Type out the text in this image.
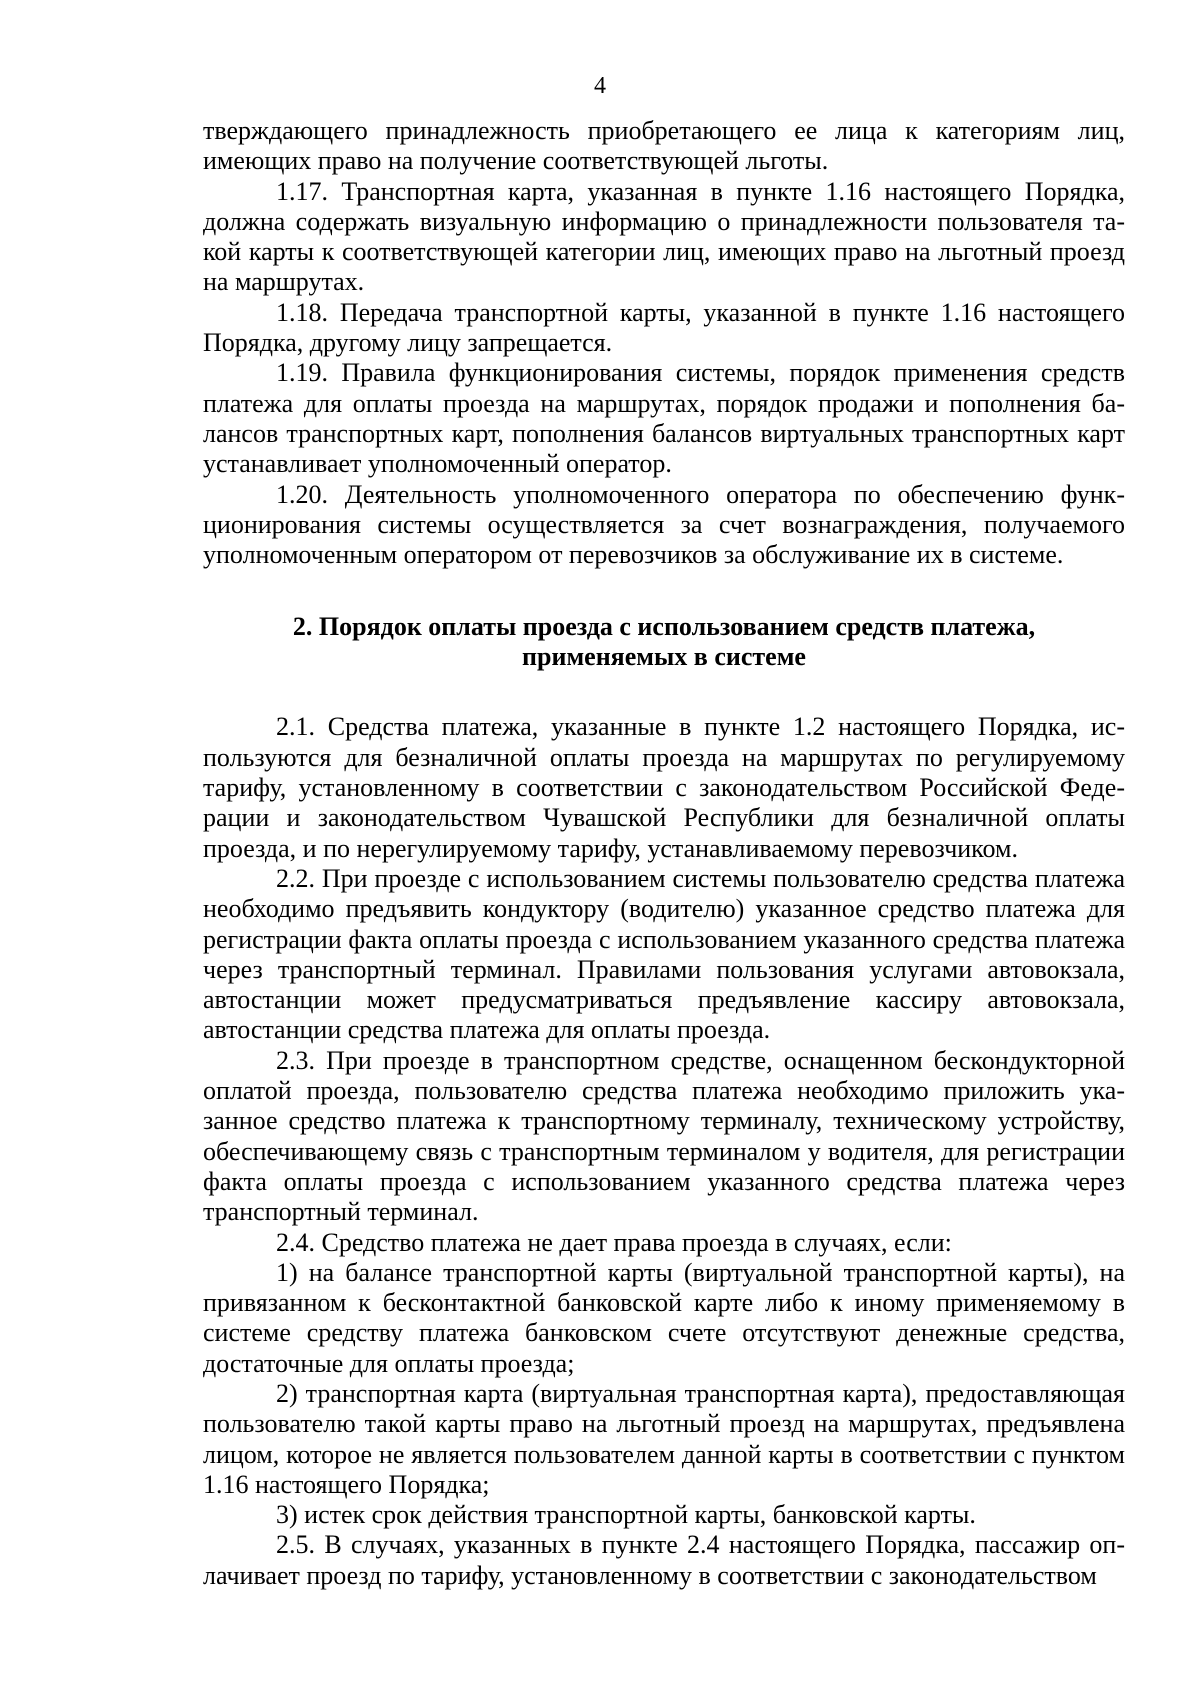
4

тверждающего принадлежность приобретающего ее лица к категориям лиц, имеющих право на получение соответствующей льготы.

1.17. Транспортная карта, указанная в пункте 1.16 настоящего Порядка, должна содержать визуальную информацию о принадлежности пользователя такой карты к соответствующей категории лиц, имеющих право на льготный проезд на маршрутах.

1.18. Передача транспортной карты, указанной в пункте 1.16 настоящего Порядка, другому лицу запрещается.

1.19. Правила функционирования системы, порядок применения средств платежа для оплаты проезда на маршрутах, порядок продажи и пополнения балансов транспортных карт, пополнения балансов виртуальных транспортных карт устанавливает уполномоченный оператор.

1.20. Деятельность уполномоченного оператора по обеспечению функционирования системы осуществляется за счет вознаграждения, получаемого уполномоченным оператором от перевозчиков за обслуживание их в системе.

2. Порядок оплаты проезда с использованием средств платежа,
применяемых в системе

2.1. Средства платежа, указанные в пункте 1.2 настоящего Порядка, используются для безналичной оплаты проезда на маршрутах по регулируемому тарифу, установленному в соответствии с законодательством Российской Федерации и законодательством Чувашской Республики для безналичной оплаты проезда, и по нерегулируемому тарифу, устанавливаемому перевозчиком.

2.2. При проезде с использованием системы пользователю средства платежа необходимо предъявить кондуктору (водителю) указанное средство платежа для регистрации факта оплаты проезда с использованием указанного средства платежа через транспортный терминал. Правилами пользования услугами автовокзала, автостанции может предусматриваться предъявление кассиру автовокзала, автостанции средства платежа для оплаты проезда.

2.3. При проезде в транспортном средстве, оснащенном бескондукторной оплатой проезда, пользователю средства платежа необходимо приложить указанное средство платежа к транспортному терминалу, техническому устройству, обеспечивающему связь с транспортным терминалом у водителя, для регистрации факта оплаты проезда с использованием указанного средства платежа через транспортный терминал.

2.4. Средство платежа не дает права проезда в случаях, если:

1) на балансе транспортной карты (виртуальной транспортной карты), на привязанном к бесконтактной банковской карте либо к иному применяемому в системе средству платежа банковском счете отсутствуют денежные средства, достаточные для оплаты проезда;

2) транспортная карта (виртуальная транспортная карта), предоставляющая пользователю такой карты право на льготный проезд на маршрутах, предъявлена лицом, которое не является пользователем данной карты в соответствии с пунктом 1.16 настоящего Порядка;

3) истек срок действия транспортной карты, банковской карты.

2.5. В случаях, указанных в пункте 2.4 настоящего Порядка, пассажир оплачивает проезд по тарифу, установленному в соответствии с законодательством
